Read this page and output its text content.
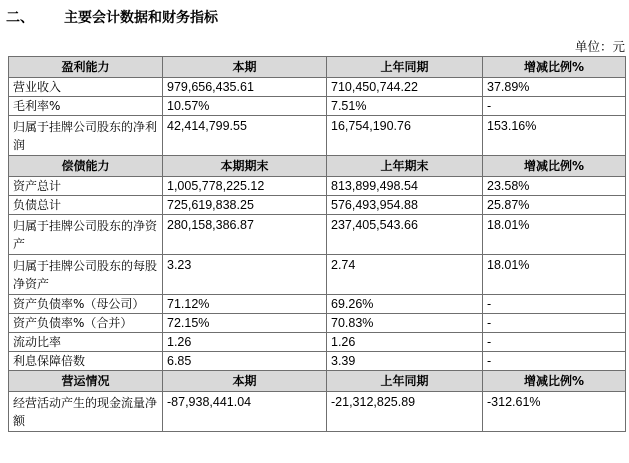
二、	主要会计数据和财务指标
单位：元
盈利能力	本期	上年同期	增减比例%
营业收入	979,656,435.61	710,450,744.22	37.89%
毛利率%	10.57%	7.51%	-
归属于挂牌公司股东的净利润	42,414,799.55	16,754,190.76	153.16%
偿债能力	本期期末	上年期末	增减比例%
资产总计	1,005,778,225.12	813,899,498.54	23.58%
负债总计	725,619,838.25	576,493,954.88	25.87%
归属于挂牌公司股东的净资产	280,158,386.87	237,405,543.66	18.01%
归属于挂牌公司股东的每股净资产	3.23	2.74	18.01%
资产负债率%（母公司）	71.12%	69.26%	-
资产负债率%（合并）	72.15%	70.83%	-
流动比率	1.26	1.26	-
利息保障倍数	6.85	3.39	-
营运情况	本期	上年同期	增减比例%
经营活动产生的现金流量净额	-87,938,441.04	-21,312,825.89	-312.61%
